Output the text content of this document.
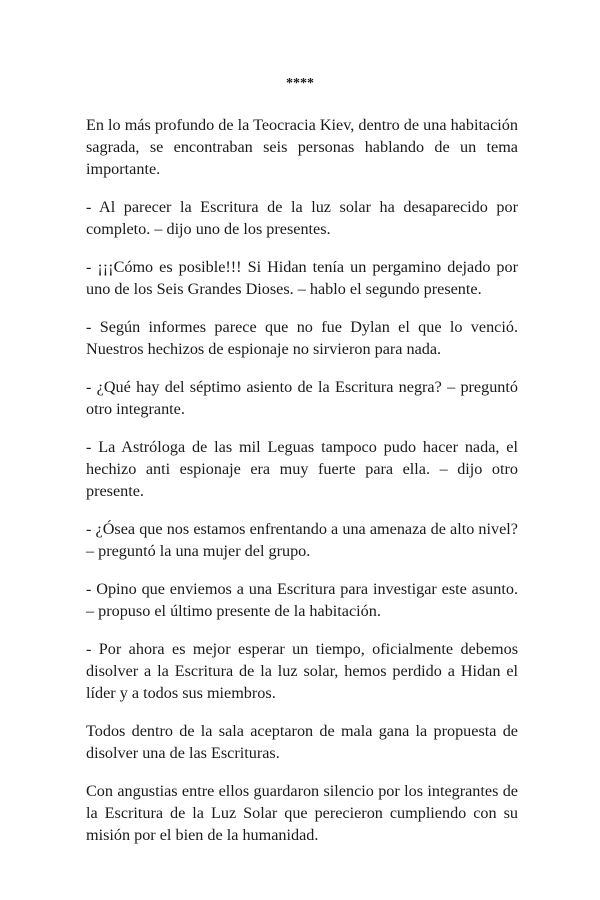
****

En lo más profundo de la Teocracia Kiev, dentro de una habitación sagrada, se encontraban seis personas hablando de un tema importante.

- Al parecer la Escritura de la luz solar ha desaparecido por completo. – dijo uno de los presentes.

- ¡¡¡Cómo es posible!!! Si Hidan tenía un pergamino dejado por uno de los Seis Grandes Dioses. – hablo el segundo presente.

- Según informes parece que no fue Dylan el que lo venció. Nuestros hechizos de espionaje no sirvieron para nada.

- ¿Qué hay del séptimo asiento de la Escritura negra? – preguntó otro integrante.

- La Astróloga de las mil Leguas tampoco pudo hacer nada, el hechizo anti espionaje era muy fuerte para ella. – dijo otro presente.

- ¿Ósea que nos estamos enfrentando a una amenaza de alto nivel? – preguntó la una mujer del grupo.

- Opino que enviemos a una Escritura para investigar este asunto. – propuso el último presente de la habitación.

- Por ahora es mejor esperar un tiempo, oficialmente debemos disolver a la Escritura de la luz solar, hemos perdido a Hidan el líder y a todos sus miembros.

Todos dentro de la sala aceptaron de mala gana la propuesta de disolver una de las Escrituras.

Con angustias entre ellos guardaron silencio por los integrantes de la Escritura de la Luz Solar que perecieron cumpliendo con su misión por el bien de la humanidad.
